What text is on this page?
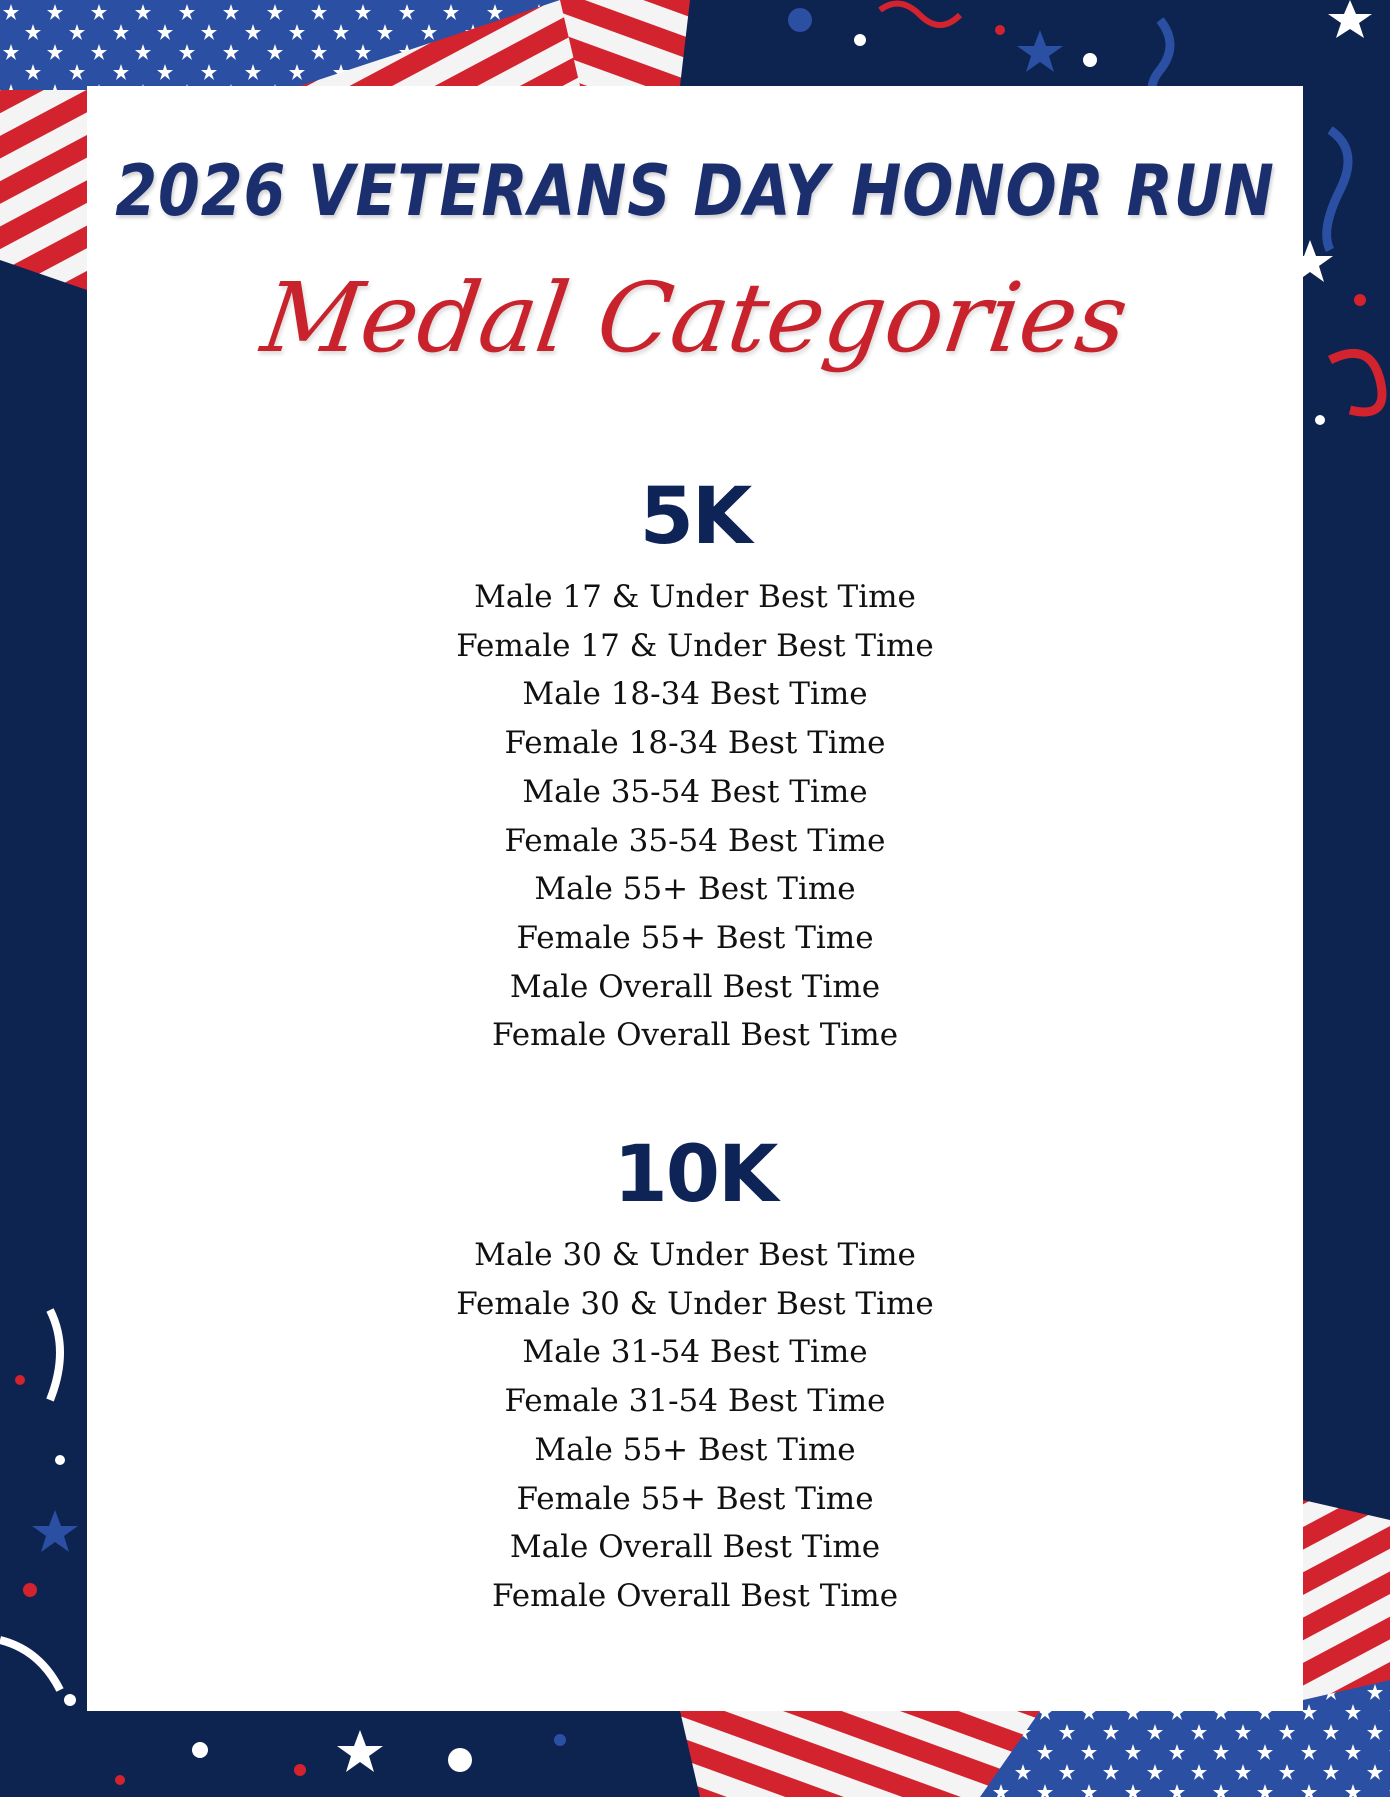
2026 VETERANS DAY HONOR RUN
Medal Categories
5K
Male 17 & Under Best Time
Female 17 & Under Best Time
Male 18-34 Best Time
Female 18-34 Best Time
Male 35-54 Best Time
Female 35-54 Best Time
Male 55+ Best Time
Female 55+ Best Time
Male Overall Best Time
Female Overall Best Time
10K
Male 30 & Under Best Time
Female 30 & Under Best Time
Male 31-54 Best Time
Female 31-54 Best Time
Male 55+ Best Time
Female 55+ Best Time
Male Overall Best Time
Female Overall Best Time
